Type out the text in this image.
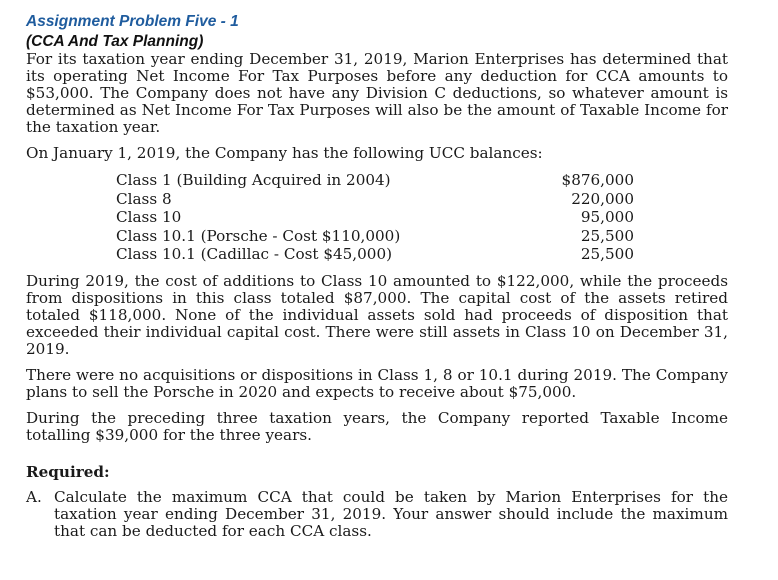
Assignment Problem Five - 1
(CCA And Tax Planning)

For its taxation year ending December 31, 2019, Marion Enterprises has determined that its operating Net Income For Tax Purposes before any deduction for CCA amounts to $53,000. The Company does not have any Division C deductions, so whatever amount is determined as Net Income For Tax Purposes will also be the amount of Taxable Income for the taxation year.

On January 1, 2019, the Company has the following UCC balances:

Class 1 (Building Acquired in 2004)	$876,000
Class 8	220,000
Class 10	95,000
Class 10.1 (Porsche - Cost $110,000)	25,500
Class 10.1 (Cadillac - Cost $45,000)	25,500

During 2019, the cost of additions to Class 10 amounted to $122,000, while the proceeds from dispositions in this class totaled $87,000. The capital cost of the assets retired totaled $118,000. None of the individual assets sold had proceeds of disposition that exceeded their individual capital cost. There were still assets in Class 10 on December 31, 2019.

There were no acquisitions or dispositions in Class 1, 8 or 10.1 during 2019. The Company plans to sell the Porsche in 2020 and expects to receive about $75,000.

During the preceding three taxation years, the Company reported Taxable Income totalling $39,000 for the three years.

Required:

A. Calculate the maximum CCA that could be taken by Marion Enterprises for the taxation year ending December 31, 2019. Your answer should include the maximum that can be deducted for each CCA class.
